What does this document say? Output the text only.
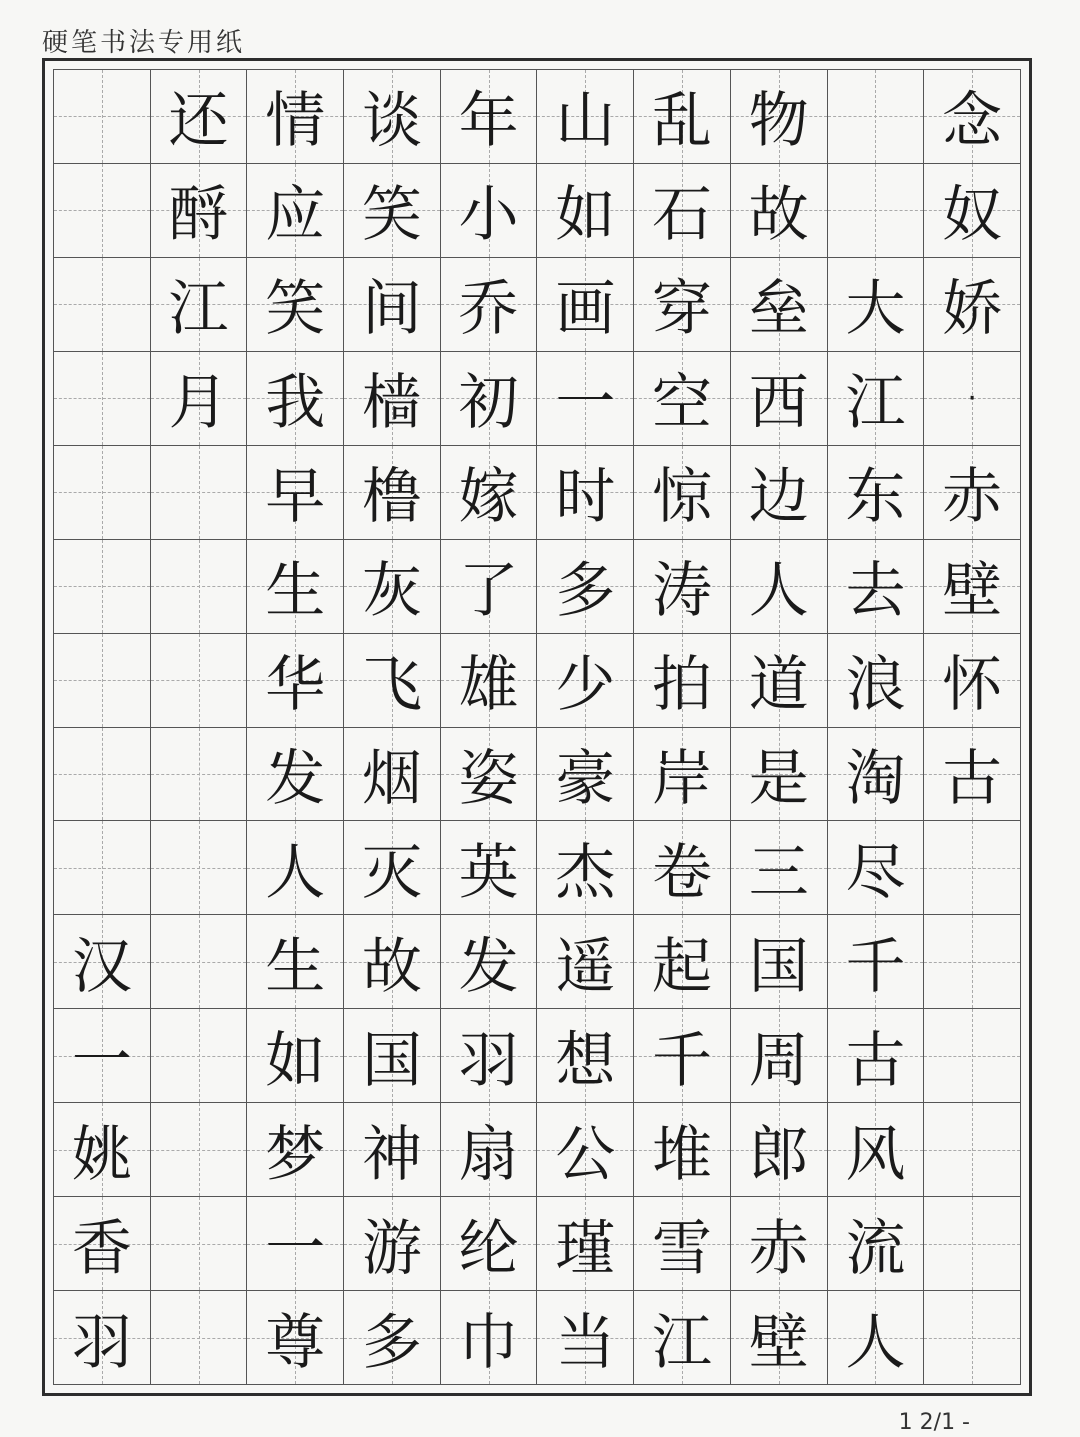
硬笔书法专用纸
还 情 谈 年 山 乱 物 念
酹 应 笑 小 如 石 故 奴
江 笑 间 乔 画 穿 垒 大 娇
月 我 樯 初 一 空 西 江 ·
早 橹 嫁 时 惊 边 东 赤
生 灰 了 多 涛 人 去 壁
华 飞 雄 少 拍 道 浪 怀
发 烟 姿 豪 岸 是 淘 古
人 灭 英 杰 卷 三 尽
汉 生 故 发 遥 起 国 千
一 如 国 羽 想 千 周 古
姚 梦 神 扇 公 堆 郎 风
香 一 游 纶 瑾 雪 赤 流
羽 尊 多 巾 当 江 壁 人
1 2/1 -
